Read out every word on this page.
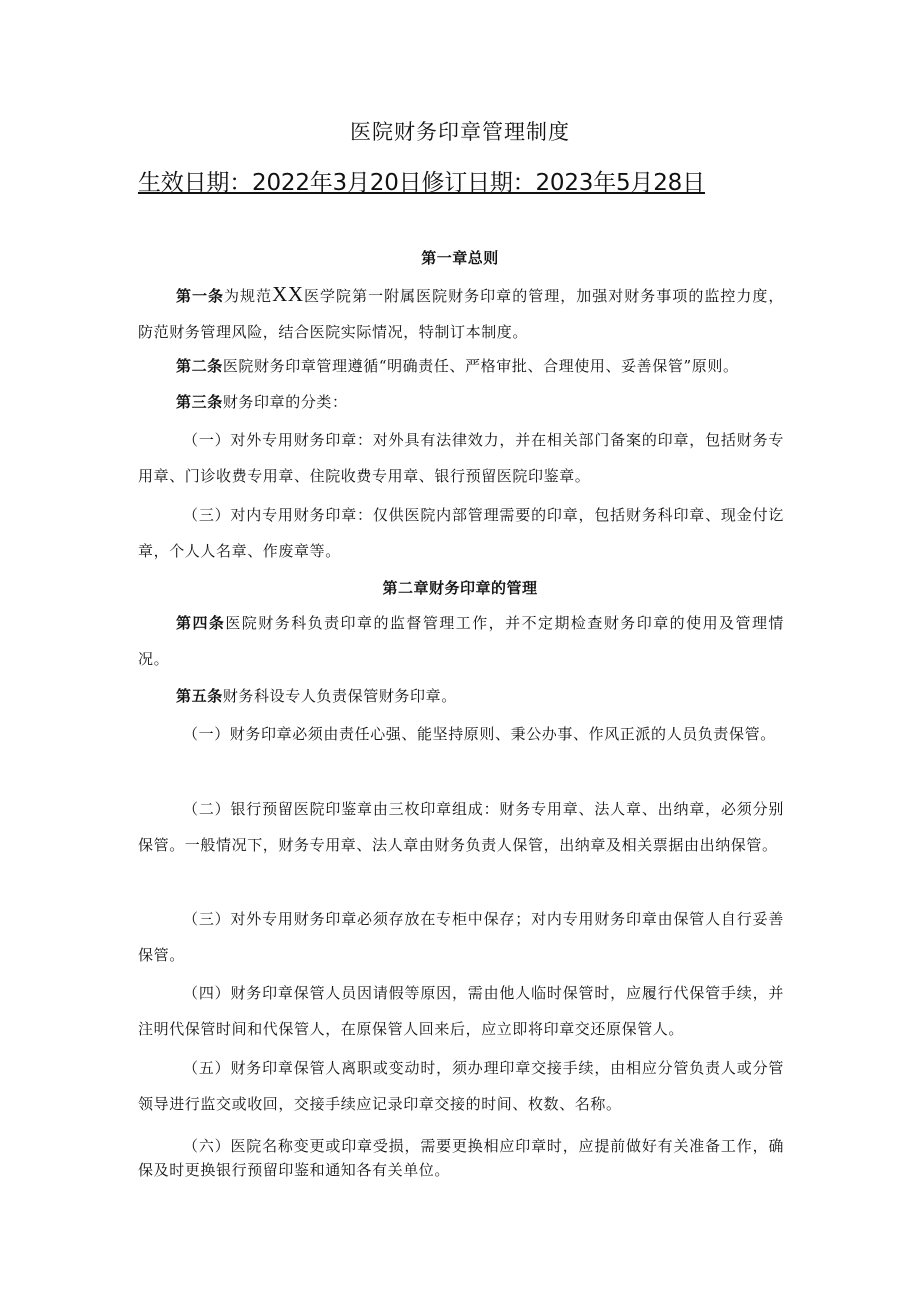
医院财务印章管理制度
生效日期：2022年3月20日修订日期：2023年5月28日
第一章总则
第一条为规范XX医学院第一附属医院财务印章的管理，加强对财务事项的监控力度，防范财务管理风险，结合医院实际情况，特制订本制度。
第二条医院财务印章管理遵循“明确责任、严格审批、合理使用、妥善保管”原则。
第三条财务印章的分类：
（一）对外专用财务印章：对外具有法律效力，并在相关部门备案的印章，包括财务专用章、门诊收费专用章、住院收费专用章、银行预留医院印鉴章。
（三）对内专用财务印章：仅供医院内部管理需要的印章，包括财务科印章、现金付讫章，个人人名章、作废章等。
第二章财务印章的管理
第四条医院财务科负责印章的监督管理工作，并不定期检查财务印章的使用及管理情况。
第五条财务科设专人负责保管财务印章。
（一）财务印章必须由责任心强、能坚持原则、秉公办事、作风正派的人员负责保管。
（二）银行预留医院印鉴章由三枚印章组成：财务专用章、法人章、出纳章，必须分别保管。一般情况下，财务专用章、法人章由财务负责人保管，出纳章及相关票据由出纳保管。
（三）对外专用财务印章必须存放在专柜中保存；对内专用财务印章由保管人自行妥善保管。
（四）财务印章保管人员因请假等原因，需由他人临时保管时，应履行代保管手续，并注明代保管时间和代保管人，在原保管人回来后，应立即将印章交还原保管人。
（五）财务印章保管人离职或变动时，须办理印章交接手续，由相应分管负责人或分管领导进行监交或收回，交接手续应记录印章交接的时间、枚数、名称。
（六）医院名称变更或印章受损，需要更换相应印章时，应提前做好有关准备工作，确保及时更换银行预留印鉴和通知各有关单位。
